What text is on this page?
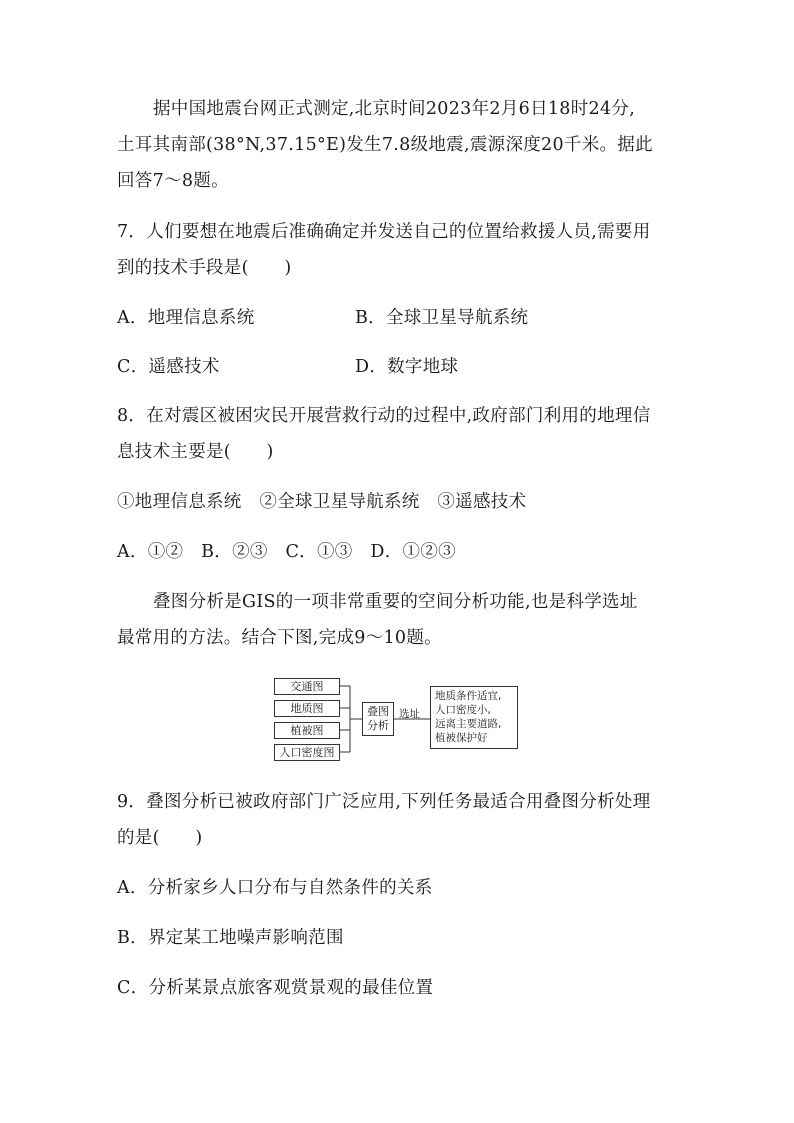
据中国地震台网正式测定,北京时间2023年2月6日18时24分,
土耳其南部(38°N,37.15°E)发生7.8级地震,震源深度20千米。据此
回答7～8题。
7．人们要想在地震后准确确定并发送自己的位置给救援人员,需要用
到的技术手段是(　　)
A．地理信息系统	B．全球卫星导航系统
C．遥感技术	D．数字地球
8．在对震区被困灾民开展营救行动的过程中,政府部门利用的地理信
息技术主要是(　　)
①地理信息系统　②全球卫星导航系统　③遥感技术
A．①②　B．②③　C．①③　D．①②③
叠图分析是GIS的一项非常重要的空间分析功能,也是科学选址
最常用的方法。结合下图,完成9～10题。
交通图
地质图
植被图
人口密度图
叠图
分析
选址
地质条件适宜,
人口密度小,
远离主要道路,
植被保护好
9．叠图分析已被政府部门广泛应用,下列任务最适合用叠图分析处理
的是(　　)
A．分析家乡人口分布与自然条件的关系
B．界定某工地噪声影响范围
C．分析某景点旅客观赏景观的最佳位置
